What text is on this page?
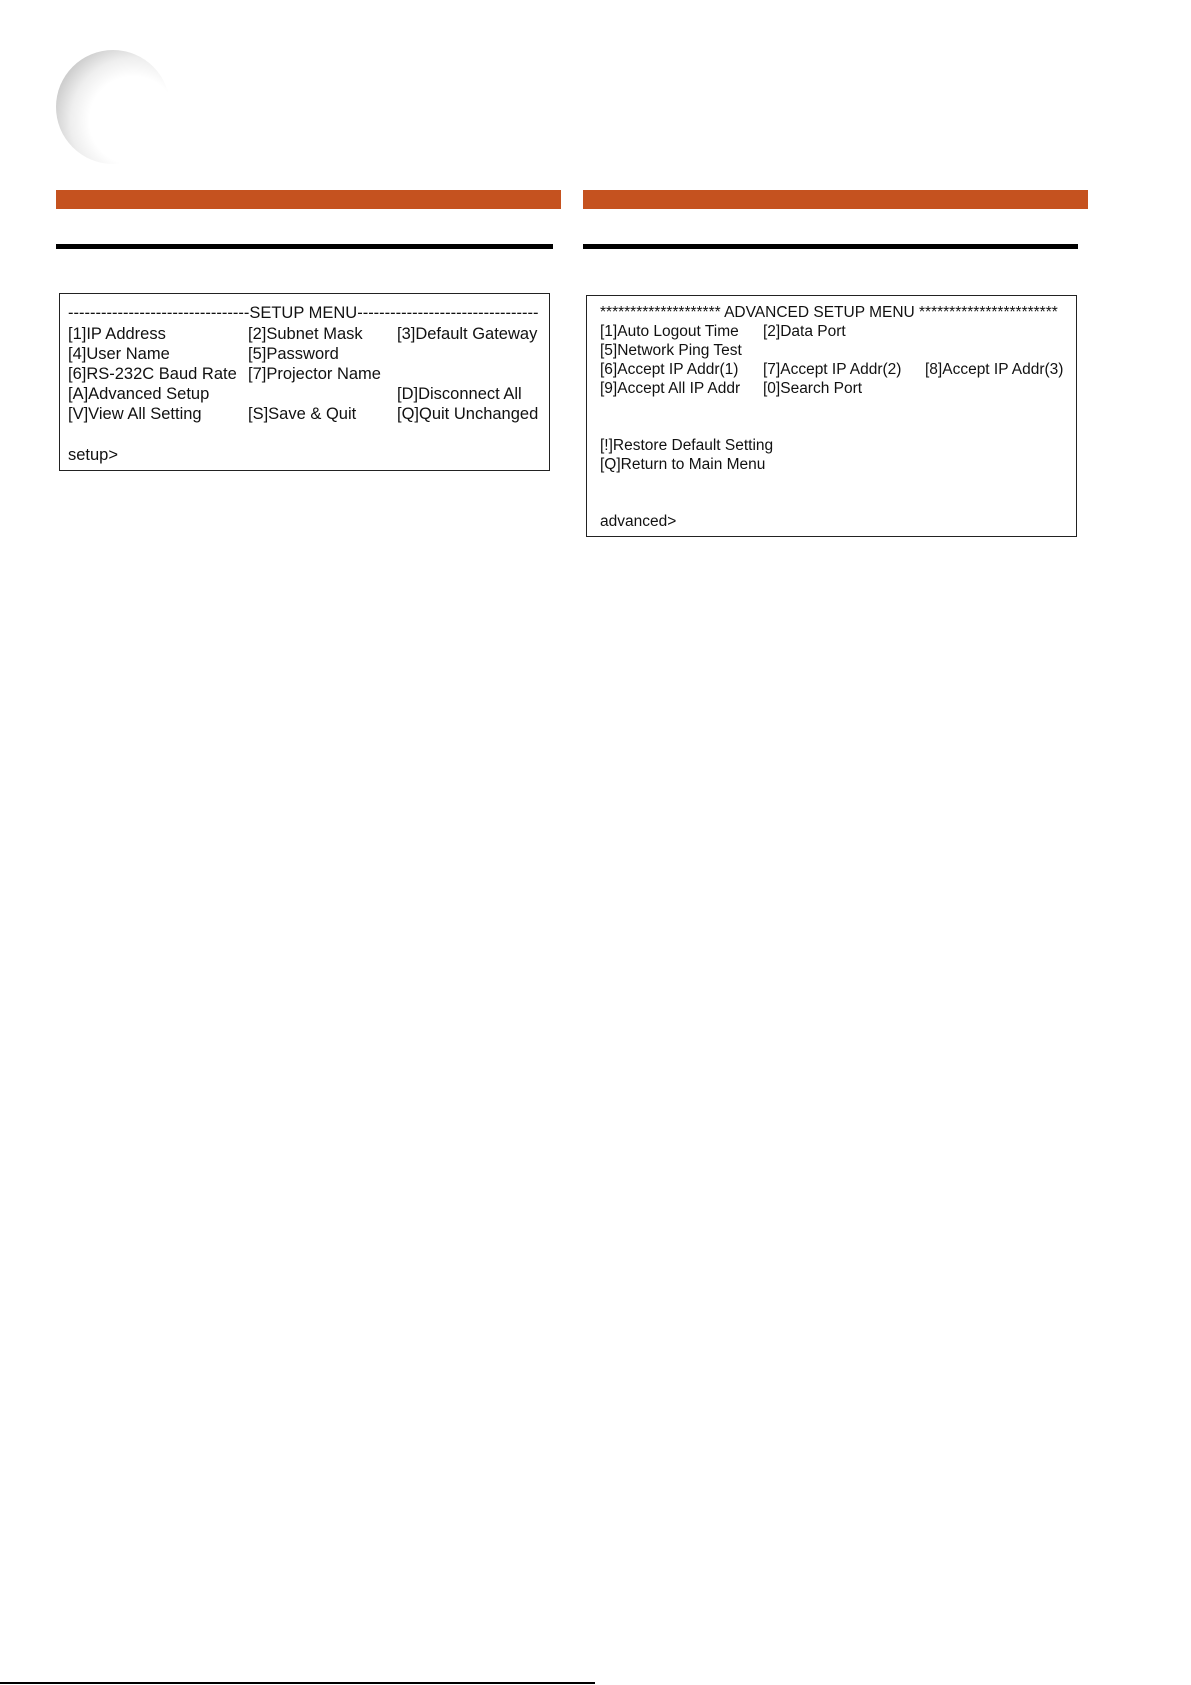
---------------------------------SETUP MENU---------------------------------
[1]IP Address	[2]Subnet Mask [3]Default Gateway
[4]User Name	[5]Password
[6]RS-232C Baud Rate [7]Projector Name
[A]Advanced Setup	[D]Disconnect All
[V]View All Setting	[S]Save & Quit [Q]Quit Unchanged
setup>
******************** ADVANCED SETUP MENU ***********************
[1]Auto Logout Time [2]Data Port
[5]Network Ping Test
[6]Accept IP Addr(1) [7]Accept IP Addr(2) [8]Accept IP Addr(3)
[9]Accept All IP Addr [0]Search Port
[!]Restore Default Setting
[Q]Return to Main Menu
advanced>
